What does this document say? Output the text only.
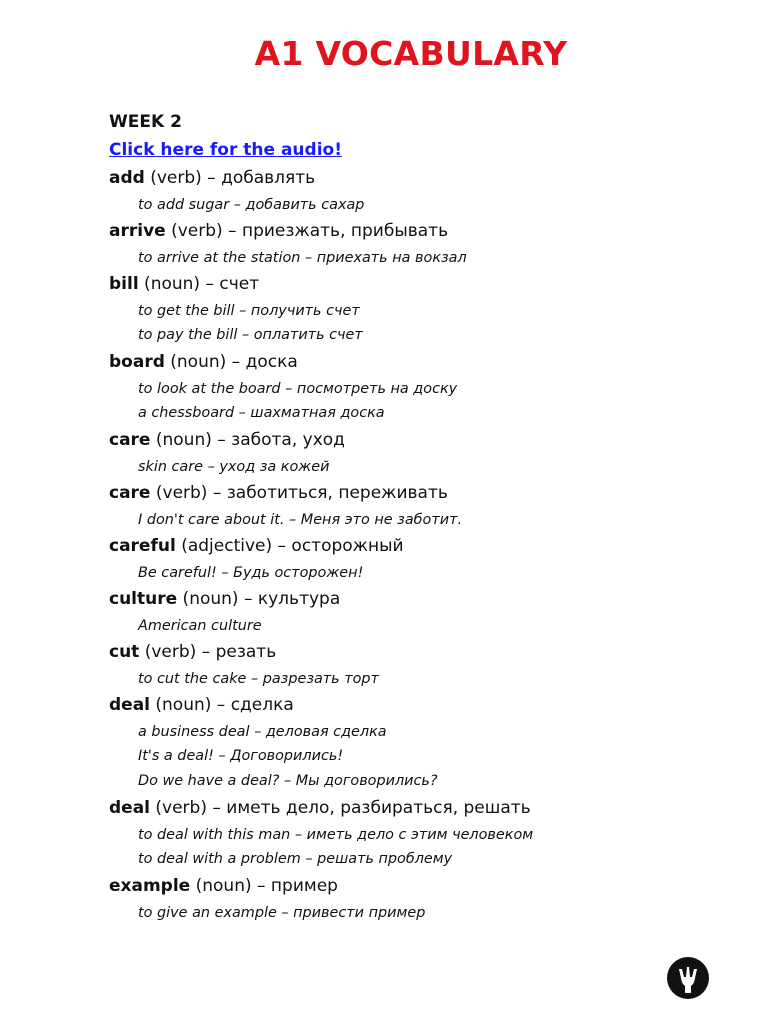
A1 VOCABULARY
WEEK 2
Click here for the audio!
add (verb) – добавлять
to add sugar – добавить сахар
arrive (verb) – приезжать, прибывать
to arrive at the station – приехать на вокзал
bill (noun) – счет
to get the bill – получить счет
to pay the bill – оплатить счет
board (noun) – доска
to look at the board – посмотреть на доску
a chessboard – шахматная доска
care (noun) – забота, уход
skin care – уход за кожей
care (verb) – заботиться, переживать
I don't care about it. – Меня это не заботит.
careful (adjective) – осторожный
Be careful! – Будь осторожен!
culture (noun) – культура
American culture
cut (verb) – резать
to cut the cake – разрезать торт
deal (noun) – сделка
a business deal – деловая сделка
It's a deal! – Договорились!
Do we have a deal? – Мы договорились?
deal (verb) – иметь дело, разбираться, решать
to deal with this man – иметь дело с этим человеком
to deal with a problem – решать проблему
example (noun) – пример
to give an example – привести пример
